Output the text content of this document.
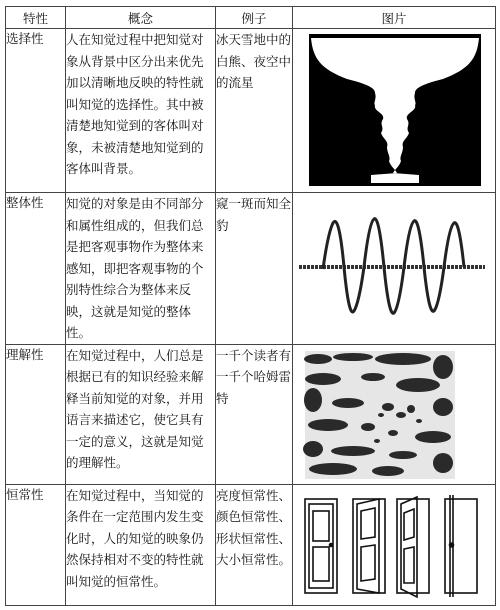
特性	概念	例子	图片
选择性	人在知觉过程中把知觉对象从背景中区分出来优先加以清晰地反映的特性就叫知觉的选择性。其中被清楚地知觉到的客体叫对象，未被清楚地知觉到的客体叫背景。	冰天雪地中的白熊、夜空中的流星	

整体性	知觉的对象是由不同部分和属性组成的，但我们总是把客观事物作为整体来感知，即把客观事物的个别特性综合为整体来反映，这就是知觉的整体性。	窥一斑而知全豹	

理解性	在知觉过程中，人们总是根据已有的知识经验来解释当前知觉的对象，并用语言来描述它，使它具有一定的意义，这就是知觉的理解性。	一千个读者有一千个哈姆雷特	

恒常性	在知觉过程中，当知觉的条件在一定范围内发生变化时，人的知觉的映象仍然保持相对不变的特性就叫知觉的恒常性。	亮度恒常性、颜色恒常性、形状恒常性、大小恒常性。	
